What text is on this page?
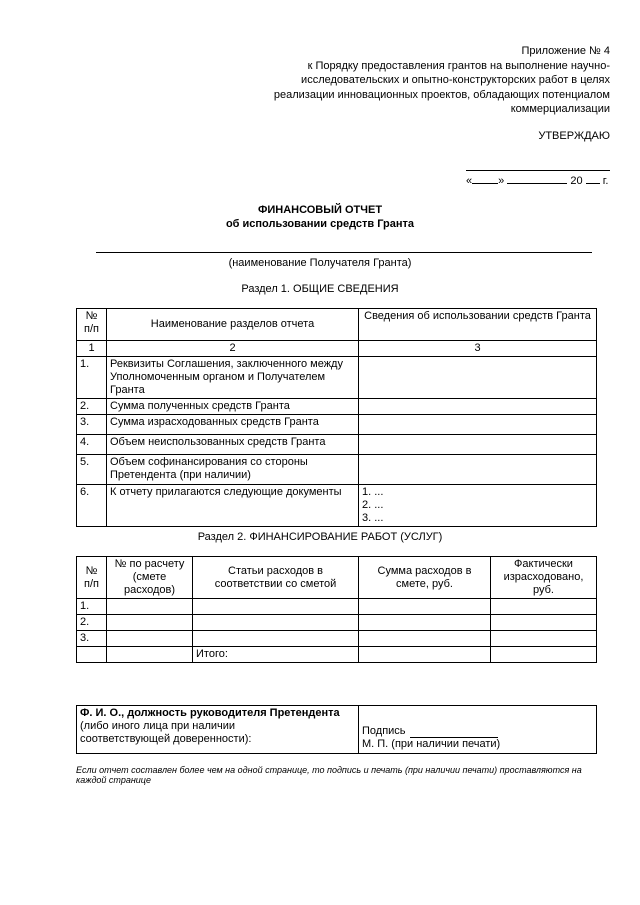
Приложение № 4
к Порядку предоставления грантов на выполнение научно-
исследовательских и опытно-конструкторских работ в целях
реализации инновационных проектов, обладающих потенциалом
коммерциализации
УТВЕРЖДАЮ
« »	20 г.
ФИНАНСОВЫЙ ОТЧЕТ
об использовании средств Гранта
(наименование Получателя Гранта)
Раздел 1. ОБЩИЕ СВЕДЕНИЯ
№ п/п	Наименование разделов отчета	Сведения об использовании средств Гранта
1	2	3
1.	Реквизиты Соглашения, заключенного между Уполномоченным органом и Получателем Гранта	
2.	Сумма полученных средств Гранта	
3.	Сумма израсходованных средств Гранта	
4.	Объем неиспользованных средств Гранта	
5.	Объем софинансирования со стороны Претендента (при наличии)	
6.	К отчету прилагаются следующие документы	1. ...
2. ...
3. ...
Раздел 2. ФИНАНСИРОВАНИЕ РАБОТ (УСЛУГ)
№ п/п	№ по расчету (смете расходов)	Статьи расходов в соответствии со сметой	Сумма расходов в смете, руб.	Фактически израсходовано, руб.
1.				
2.				
3.				
		Итого:		
Ф. И. О., должность руководителя Претендента
(либо иного лица при наличии
соответствующей доверенности):

Подпись
М. П. (при наличии печати)
Если отчет составлен более чем на одной странице, то подпись и печать (при наличии печати) проставляются на каждой странице
